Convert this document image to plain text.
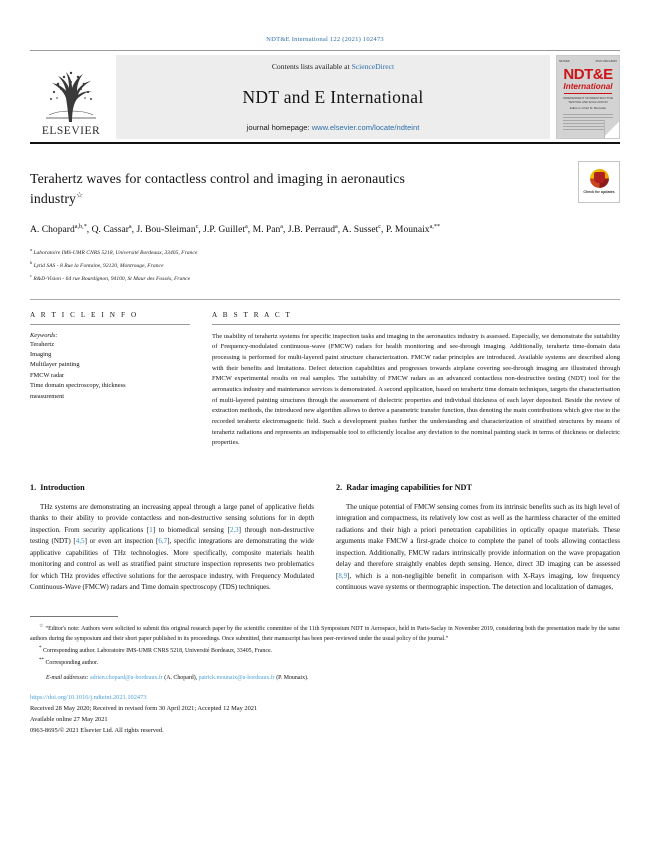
NDT&E International 122 (2021) 102473
ELSEVIER
Contents lists available at ScienceDirect
NDT and E International
journal homepage: www.elsevier.com/locate/ndteint
NDT&E	ISSN 0963-8695
NDT&E
International
INDEPENDENT NONDESTRUCTIVE TESTING AND EVALUATION
Editor-in-Chief M. Bentahar
Terahertz waves for contactless control and imaging in aeronautics industry☆	Check for updates
A. Chopard$^{a,b,*}$, Q. Cassar$^a$, J. Bou-Sleiman$^c$, J.P. Guillet$^a$, M. Pan$^a$, J.B. Perraud$^a$, A. Susset$^c$, P. Mounaix$^{a,**}$
$^a$ Laboratoire IMS-UMR CNRS 5218, Université Bordeaux, 33405, France
$^b$ Lytid SAS - 8 Rue la Fontaine, 92120, Montrouge, France
$^c$ R&D-Vision - 64 rue Bourdignon, 94100, St Maur des Fossés, France
A R T I C L E I N F O
Keywords:
Terahertz
Imaging
Multilayer painting
FMCW radar
Time domain spectroscopy, thickness
measurement
A B S T R A C T
The usability of terahertz systems for specific inspection tasks and imaging in the aeronautics industry is assessed. Especially, we demonstrate the suitability of Frequency-modulated continuous-wave (FMCW) radars for health monitoring and see-through imaging. Additionally, terahertz time-domain data processing is performed for multi-layered paint structure characterization. FMCW radar principles are introduced. Available systems are described along with their benefits and limitations. Defect detection capabilities and progresses towards airplane covering see-through imaging are illustrated through FMCW experimental results on real samples. The suitability of FMCW radars as an advanced contactless non-destructive testing (NDT) tool for the aeronautics industry and maintenance services is demonstrated. A second application, based on terahertz time domain techniques, targets the characterisation of multi-layered painting structures through the assessment of dielectric properties and individual thickness of each layer deposited. Beside the review of extraction methods, the introduced new algorithm allows to derive a parametric transfer function, thus denoting the main contributions which give rise to the recorded terahertz electromagnetic field. Such a development pushes further the understanding and characterization of stratified structures by means of terahertz radiations and represents an indispensable tool to efficiently localise any deviation to the nominal painting stack in terms of thickness or dielectric properties.
1. Introduction
THz systems are demonstrating an increasing appeal through a large panel of applicative fields thanks to their ability to provide contactless and non-destructive sensing solutions for in depth inspection. From security applications [1] to biomedical sensing [2,3] through non-destructive testing (NDT) [4,5] or even art inspection [6,7], specific integrations are demonstrating the wide applicative capabilities of THz technologies. More specifically, composite materials health monitoring and control as well as stratified paint structure inspection represents two problematics for which THz provides effective solutions for the aerospace industry, with Frequency Modulated Continuous-Wave (FMCW) radars and Time domain spectroscopy (TDS) techniques.
2. Radar imaging capabilities for NDT
The unique potential of FMCW sensing comes from its intrinsic benefits such as its high level of integration and compactness, its relatively low cost as well as the harmless character of the emitted radiations and their high a priori penetration capabilities in optically opaque materials. These arguments make FMCW a first-grade choice to complete the panel of tools allowing contactless inspection. Additionally, FMCW radars intrinsically provide information on the wave propagation delay and therefore straightly enables depth sensing. Hence, direct 3D imaging can be assessed [8,9], which is a non-negligible benefit in comparison with X-Rays imaging, low frequency continuous wave systems or thermographic inspection. The detection and localization of damages,
☆ “Editor's note: Authors were solicited to submit this original research paper by the scientific committee of the 11th Symposium NDT in Aerospace, held in Paris-Saclay in November 2019, considering both the presentation made by the same authors during the symposium and their short paper published in its proceedings. Once submitted, their manuscript has been peer-reviewed under the usual policy of the journal.”
* Corresponding author. Laboratoire IMS-UMR CNRS 5218, Université Bordeaux, 33405, France.
** Corresponding author.
E-mail addresses: adrien.chopard@u-bordeaux.fr (A. Chopard), patrick.mounaix@u-bordeaux.fr (P. Mounaix).
https://doi.org/10.1016/j.ndteint.2021.102473
Received 28 May 2020; Received in revised form 30 April 2021; Accepted 12 May 2021
Available online 27 May 2021
0963-8695/© 2021 Elsevier Ltd. All rights reserved.
